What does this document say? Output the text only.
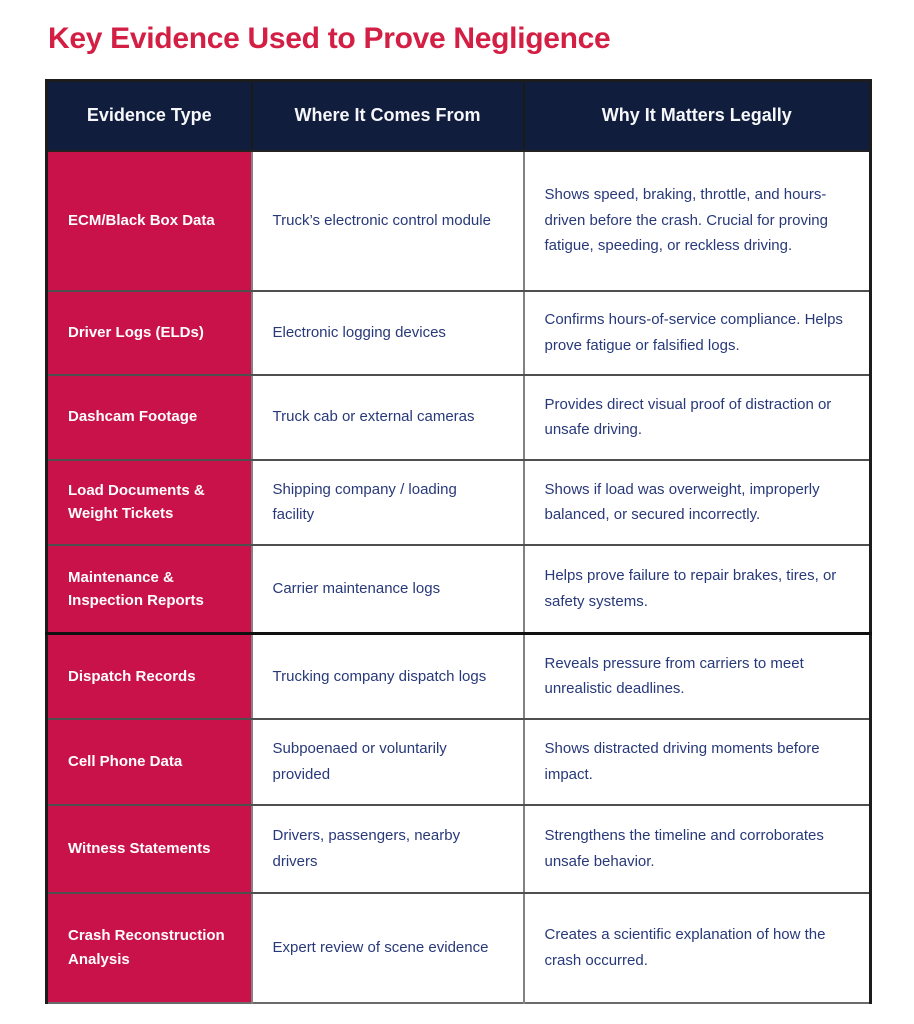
Key Evidence Used to Prove Negligence
Evidence Type	Where It Comes From	Why It Matters Legally
ECM/Black Box Data	Truck’s electronic control module	Shows speed, braking, throttle, and hours-driven before the crash. Crucial for proving fatigue, speeding, or reckless driving.
Driver Logs (ELDs)	Electronic logging devices	Confirms hours-of-service compliance. Helps prove fatigue or falsified logs.
Dashcam Footage	Truck cab or external cameras	Provides direct visual proof of distraction or unsafe driving.
Load Documents & Weight Tickets	Shipping company / loading facility	Shows if load was overweight, improperly balanced, or secured incorrectly.
Maintenance & Inspection Reports	Carrier maintenance logs	Helps prove failure to repair brakes, tires, or safety systems.
Dispatch Records	Trucking company dispatch logs	Reveals pressure from carriers to meet unrealistic deadlines.
Cell Phone Data	Subpoenaed or voluntarily provided	Shows distracted driving moments before impact.
Witness Statements	Drivers, passengers, nearby drivers	Strengthens the timeline and corroborates unsafe behavior.
Crash Reconstruction Analysis	Expert review of scene evidence	Creates a scientific explanation of how the crash occurred.
